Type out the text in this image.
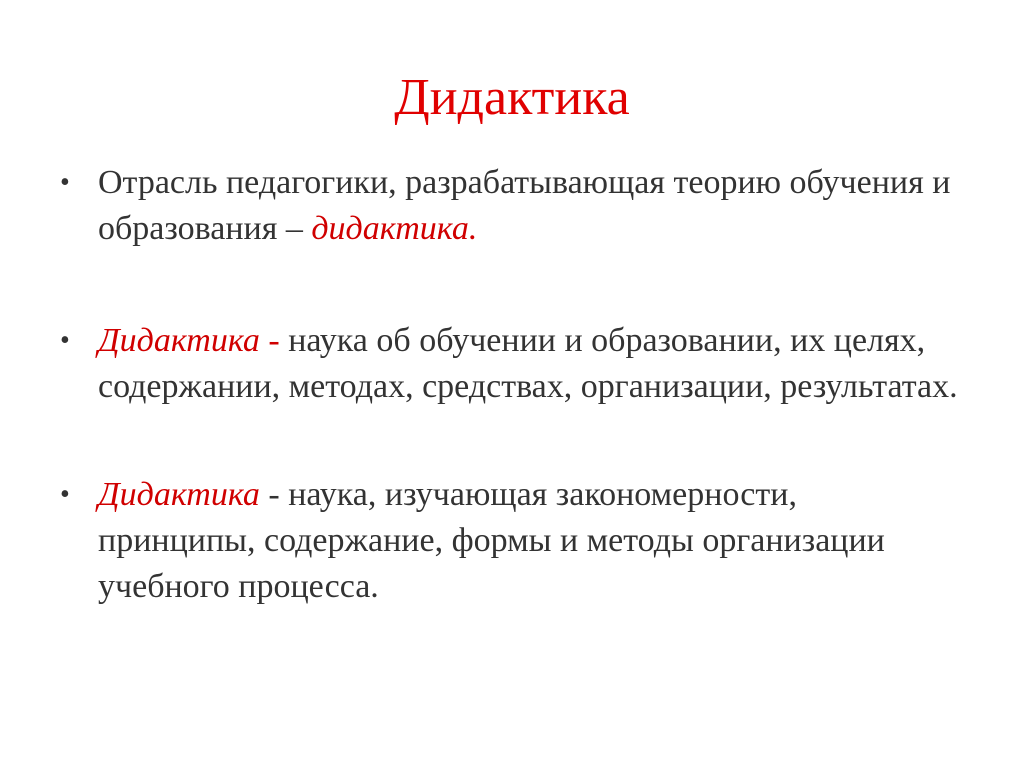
Дидактика
• Отрасль педагогики, разрабатывающая теорию обучения и образования – дидактика.
• Дидактика - наука об обучении и образовании, их целях, содержании, методах, средствах, организации, результатах.
• Дидактика - наука, изучающая закономерности, принципы, содержание, формы и методы организации учебного процесса.
